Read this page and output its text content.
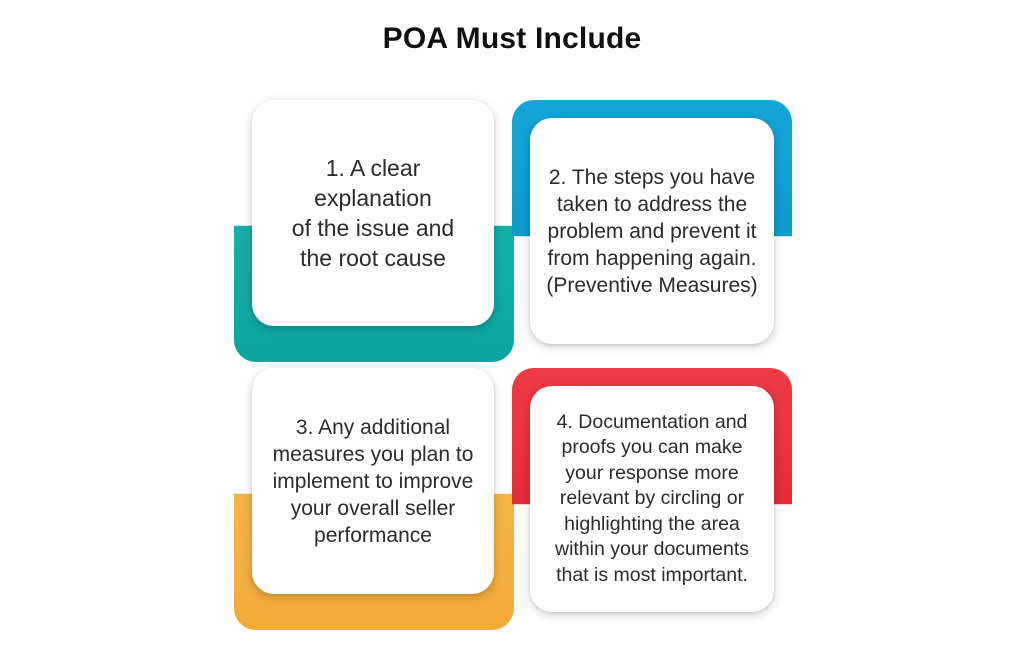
POA Must Include
1. A clear explanation
of the issue and
the root cause
2. The steps you have
taken to address the
problem and prevent it
from happening again.
(Preventive Measures)
3. Any additional
measures you plan to
implement to improve
your overall seller
performance
4. Documentation and
proofs you can make
your response more
relevant by circling or
highlighting the area
within your documents
that is most important.
